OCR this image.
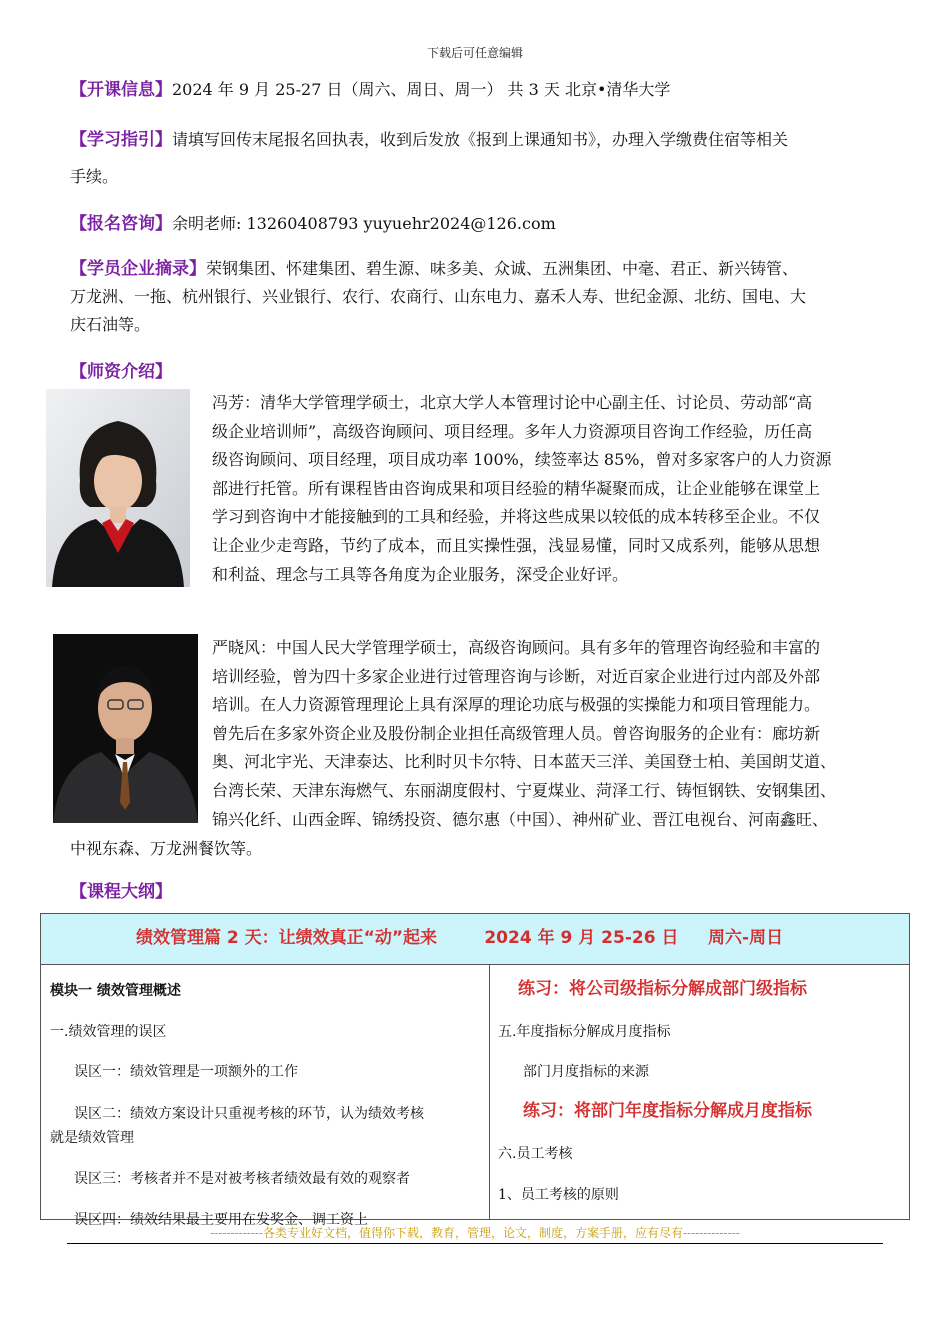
下载后可任意编辑
【开课信息】2024 年 9 月 25-27 日（周六、周日、周一） 共 3 天 北京•清华大学
【学习指引】请填写回传末尾报名回执表，收到后发放《报到上课通知书》，办理入学缴费住宿等相关
手续。
【报名咨询】余明老师: 13260408793 yuyuehr2024@126.com
【学员企业摘录】荣钢集团、怀建集团、碧生源、味多美、众诚、五洲集团、中毫、君正、新兴铸管、
万龙洲、一拖、杭州银行、兴业银行、农行、农商行、山东电力、嘉禾人寿、世纪金源、北纺、国电、大
庆石油等。
【师资介绍】
冯芳：清华大学管理学硕士，北京大学人本管理讨论中心副主任、讨论员、劳动部“高
级企业培训师”，高级咨询顾问、项目经理。多年人力资源项目咨询工作经验，历任高
级咨询顾问、项目经理，项目成功率 100%，续签率达 85%，曾对多家客户的人力资源
部进行托管。所有课程皆由咨询成果和项目经验的精华凝聚而成，让企业能够在课堂上
学习到咨询中才能接触到的工具和经验，并将这些成果以较低的成本转移至企业。不仅
让企业少走弯路，节约了成本，而且实操性强，浅显易懂，同时又成系列，能够从思想
和利益、理念与工具等各角度为企业服务，深受企业好评。
严晓风：中国人民大学管理学硕士，高级咨询顾问。具有多年的管理咨询经验和丰富的
培训经验，曾为四十多家企业进行过管理咨询与诊断，对近百家企业进行过内部及外部
培训。在人力资源管理理论上具有深厚的理论功底与极强的实操能力和项目管理能力。
曾先后在多家外资企业及股份制企业担任高级管理人员。曾咨询服务的企业有：廊坊新
奥、河北宇光、天津泰达、比利时贝卡尔特、日本蓝天三洋、美国登士柏、美国朗艾道、
台湾长荣、天津东海燃气、东丽湖度假村、宁夏煤业、菏泽工行、铸恒钢铁、安钢集团、
锦兴化纤、山西金晖、锦绣投资、德尔惠（中国）、神州矿业、晋江电视台、河南鑫旺、
中视东森、万龙洲餐饮等。
【课程大纲】
绩效管理篇 2 天：让绩效真正“动”起来        2024 年 9 月 25-26 日     周六-周日
模块一 绩效管理概述
一.绩效管理的误区
误区一：绩效管理是一项额外的工作
误区二：绩效方案设计只重视考核的环节，认为绩效考核
就是绩效管理
误区三：考核者并不是对被考核者绩效最有效的观察者
误区四：绩效结果最主要用在发奖金、调工资上
练习：将公司级指标分解成部门级指标
五.年度指标分解成月度指标
部门月度指标的来源
练习：将部门年度指标分解成月度指标
六.员工考核
1、员工考核的原则
-------------各类专业好文档，值得你下载，教育，管理，论文，制度，方案手册，应有尽有--------------
